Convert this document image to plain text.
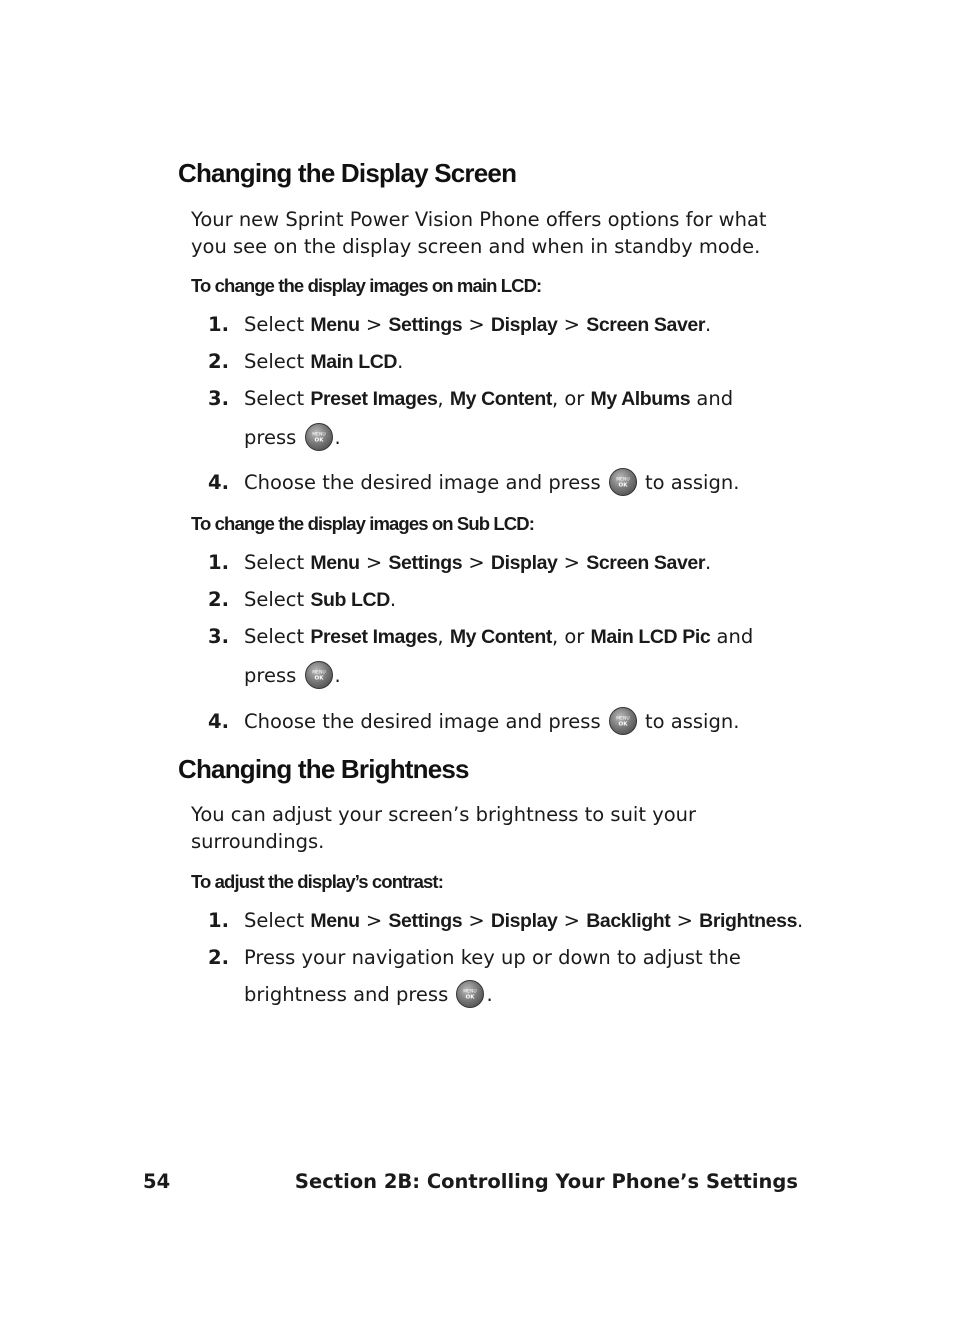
Changing the Display Screen

Your new Sprint Power Vision Phone offers options for what you see on the display screen and when in standby mode.

To change the display images on main LCD:

1. Select Menu > Settings > Display > Screen Saver.
2. Select Main LCD.
3. Select Preset Images, My Content, or My Albums and
press	MENU
OK .
4. Choose the desired image and press	MENU
OK to assign.

To change the display images on Sub LCD:

1. Select Menu > Settings > Display > Screen Saver.
2. Select Sub LCD.
3. Select Preset Images, My Content, or Main LCD Pic and
press	MENU
OK .
4. Choose the desired image and press	MENU
OK to assign.
Changing the Brightness

You can adjust your screen’s brightness to suit your surroundings.

To adjust the display’s contrast:

1. Select Menu > Settings > Display > Backlight > Brightness.
2. Press your navigation key up or down to adjust the
brightness and press	MENU
OK .
54	Section 2B: Controlling Your Phone’s Settings
